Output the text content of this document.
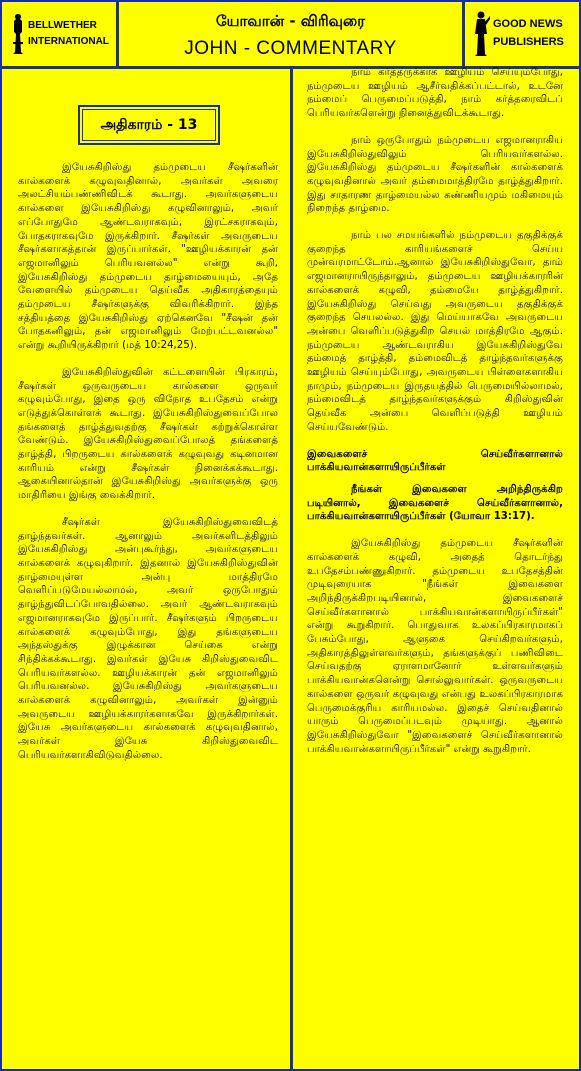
BELLWETHER
INTERNATIONAL
யோவான் - விரிவுரை
JOHN - COMMENTARY
GOOD NEWS
PUBLISHERS
அதிகாரம் - 13

இயேசுகிறிஸ்து தம்முடைய சீஷர்களின் கால்களைக் கழுவுவதினால், அவர்கள் அவரை அலட்சியம்பண்ணிவிடக் கூடாது. அவர்களுடைய கால்களை இயேசுகிறிஸ்து கழுவினாலும், அவர் எப்போதுமே ஆண்டவராகவும், இரட்சகராகவும், போதகராகவுமே இருக்கிறார். சீஷர்கள் அவருடைய சீஷர்களாகத்தான் இருப்பார்கள். "ஊழியக்காரன் தன் எஜமானிலும் பெரியவனல்ல" என்று கூறி, இயேசுகிறிஸ்து தம்முடைய தாழ்மையையும், அதே வேளையில் தம்முடைய தெய்வீக அதிகாரத்தையும் தம்முடைய சீஷர்களுக்கு விவரிக்கிறார். இந்த சத்தியத்தை இயேசுகிறிஸ்து ஏற்கெனவே "சீஷன் தன் போதகனிலும், தன் எஜமானிலும் மேற்பட்டவனல்ல" என்று கூறியிருக்கிறார் (மத் 10:24,25).

இயேசுகிறிஸ்துவின் கட்டளையின் பிரகாரம், சீஷர்கள் ஒருவருடைய கால்களை ஒருவர் கழுவும்போது, இதை ஒரு விநோத உபதேசம் என்று எடுத்துக்கொள்ளக் கூடாது. இயேசுகிறிஸ்துவைப்போல தங்களைத் தாழ்த்துவதற்கு சீஷர்கள் கற்றுக்கொள்ள வேண்டும். இயேசுகிறிஸ்துவைப்போலத் தங்களைத் தாழ்த்தி, பிறருடைய கால்களைக் கழுவுவது கடினமான காரியம் என்று சீஷர்கள் நினைக்கக்கூடாது. ஆகையினால்தான் இயேசுகிறிஸ்து அவர்களுக்கு ஒரு மாதிரியை இங்கு வைக்கிறார்.

சீஷர்கள் இயேசுகிறிஸ்துவைவிடத் தாழ்ந்தவர்கள். ஆனாலும் அவர்களிடத்திலும் இயேசுகிறிஸ்து அன்புகூர்ந்து, அவர்களுடைய கால்களைக் கழுவுகிறார். இதனால் இயேசுகிறிஸ்துவின் தாழ்மையுள்ள அன்பு மாத்திரமே வெளிப்படுமேயல்லாமல், அவர் ஒருபோதும் தாழ்ந்துவிடப்போவதில்லை. அவர் ஆண்டவராகவும் எஜமானராகவுமே இருப்பார். சீஷர்களும் பிறருடைய கால்களைக் கழுவும்போது, இது தங்களுடைய அந்தஸ்துக்கு இழுக்கான செய்கை என்று சிந்திக்கக்கூடாது. இவர்கள் இயேசு கிறிஸ்துவைவிட பெரியவர்களல்ல. ஊழியக்காரன் தன் எஜமானிலும் பெரியவனல்ல. இயேசுகிறிஸ்து அவர்களுடைய கால்களைக் கழுவினாலும், அவர்கள் இன்னும் அவருடைய ஊழியக்காரர்களாகவே இருக்கிறார்கள். இயேசு அவர்களுடைய கால்களைக் கழுவுவதினால், அவர்கள் இயேசு கிறிஸ்துவைவிட பெரியவர்களாகிவிடுவதில்லை.

நாம் கர்த்தருக்காக ஊழியம் செய்யும்போது, நம்முடைய ஊழியம் ஆசீர்வதிக்கப்பட்டால், உடனே நம்மைப் பெருமைப்படுத்தி, நாம் கர்த்தரைவிடப் பெரியவர்களென்று நினைத்துவிடக்கூடாது.

நாம் ஒருபோதும் நம்முடைய எஜமானராகிய இயேசுகிறிஸ்துவிலும் பெரியவர்களல்ல. இயேசுகிறிஸ்து தம்முடைய சீஷர்களின் கால்களைக் கழுவுவதினால் அவர் தம்மைமாத்திரமே தாழ்த்துகிறார். இது சாதாரண தாழ்மையல்ல கண்ணியமும் மகிமையும் நிறைந்த தாழ்மை.

நாம் பல சமயங்களில் நம்முடைய தகுதிக்குக் குறைந்த காரியங்களைச் செய்ய முன்வரமாட்டோம்.ஆனால் இயேசுகிறிஸ்துவோ, தாம் எஜமானராயிருந்தாலும், தம்முடைய ஊழியக்காரரின் கால்களைக் கழுவி, தம்மையே தாழ்த்துகிறார். இயேசுகிறிஸ்து செய்வது அவருடைய தகுதிக்குக் குறைந்த செயலல்ல. இது மெய்யாகவே அவருடைய அன்பை வெளிப்படுத்துகிற செயல் மாத்திரமே ஆகும். நம்முடைய ஆண்டவராகிய இயேசுகிறிஸ்துவே தம்மைத் தாழ்த்தி, தம்மைவிடத் தாழ்ந்தவர்களுக்கு ஊழியம் செய்யும்போது, அவருடைய பிள்ளைகளாகிய நாமும், நம்முடைய இருதயத்தில் பெருமையில்லாமல், நம்மைவிடத் தாழ்ந்தவர்களுக்கும் கிறிஸ்துவின் தெய்வீக அன்பை வெளிப்படுத்தி ஊழியம் செய்யவேண்டும்.

இவைகளைச் செய்வீர்களானால் பாக்கியவான்களாயிருப்பீர்கள்

நீங்கள் இவைகளை அறிந்திருக்கிற படியினால், இவைகளைச் செய்வீர்களானால், பாக்கியவான்களாயிருப்பீர்கள் (யோவா 13:17).

இயேசுகிறிஸ்து தம்முடைய சீஷர்களின் கால்களைக் கழுவி, அதைத் தொடர்ந்து உபதேசம்பண்ணுகிறார். தம்முடைய உபதேசத்தின் முடிவுரையாக "நீங்கள் இவைகளை அறிந்திருக்கிறபடியினால், இவைகளைச் செய்வீர்களானால் பாக்கியவான்களாயிருப்பீர்கள்" என்று கூறுகிறார். பொதுவாக உலகப்பிரகாரமாகப் பேசும்போது, ஆளுகை செய்கிறவர்களும், அதிகாரத்திலுள்ளவர்களும், தங்களுக்குப் பணிவிடை செய்வதற்கு ஏராளமானோர் உள்ளவர்களும் பாக்கியவான்களென்று சொல்லுவார்கள். ஒருவருடைய கால்களை ஒருவர் கழுவுவது என்பது உலகப்பிரகாரமாக பெருமைக்குரிய காரியமல்ல. இதைச் செய்வதினால் யாரும் பெருமைப்படவும் முடியாது. ஆனால் இயேசுகிறிஸ்துவோ "இவைகளைச் செய்வீர்களானால் பாக்கியவான்களாயிருப்பீர்கள்" என்று கூறுகிறார்.
